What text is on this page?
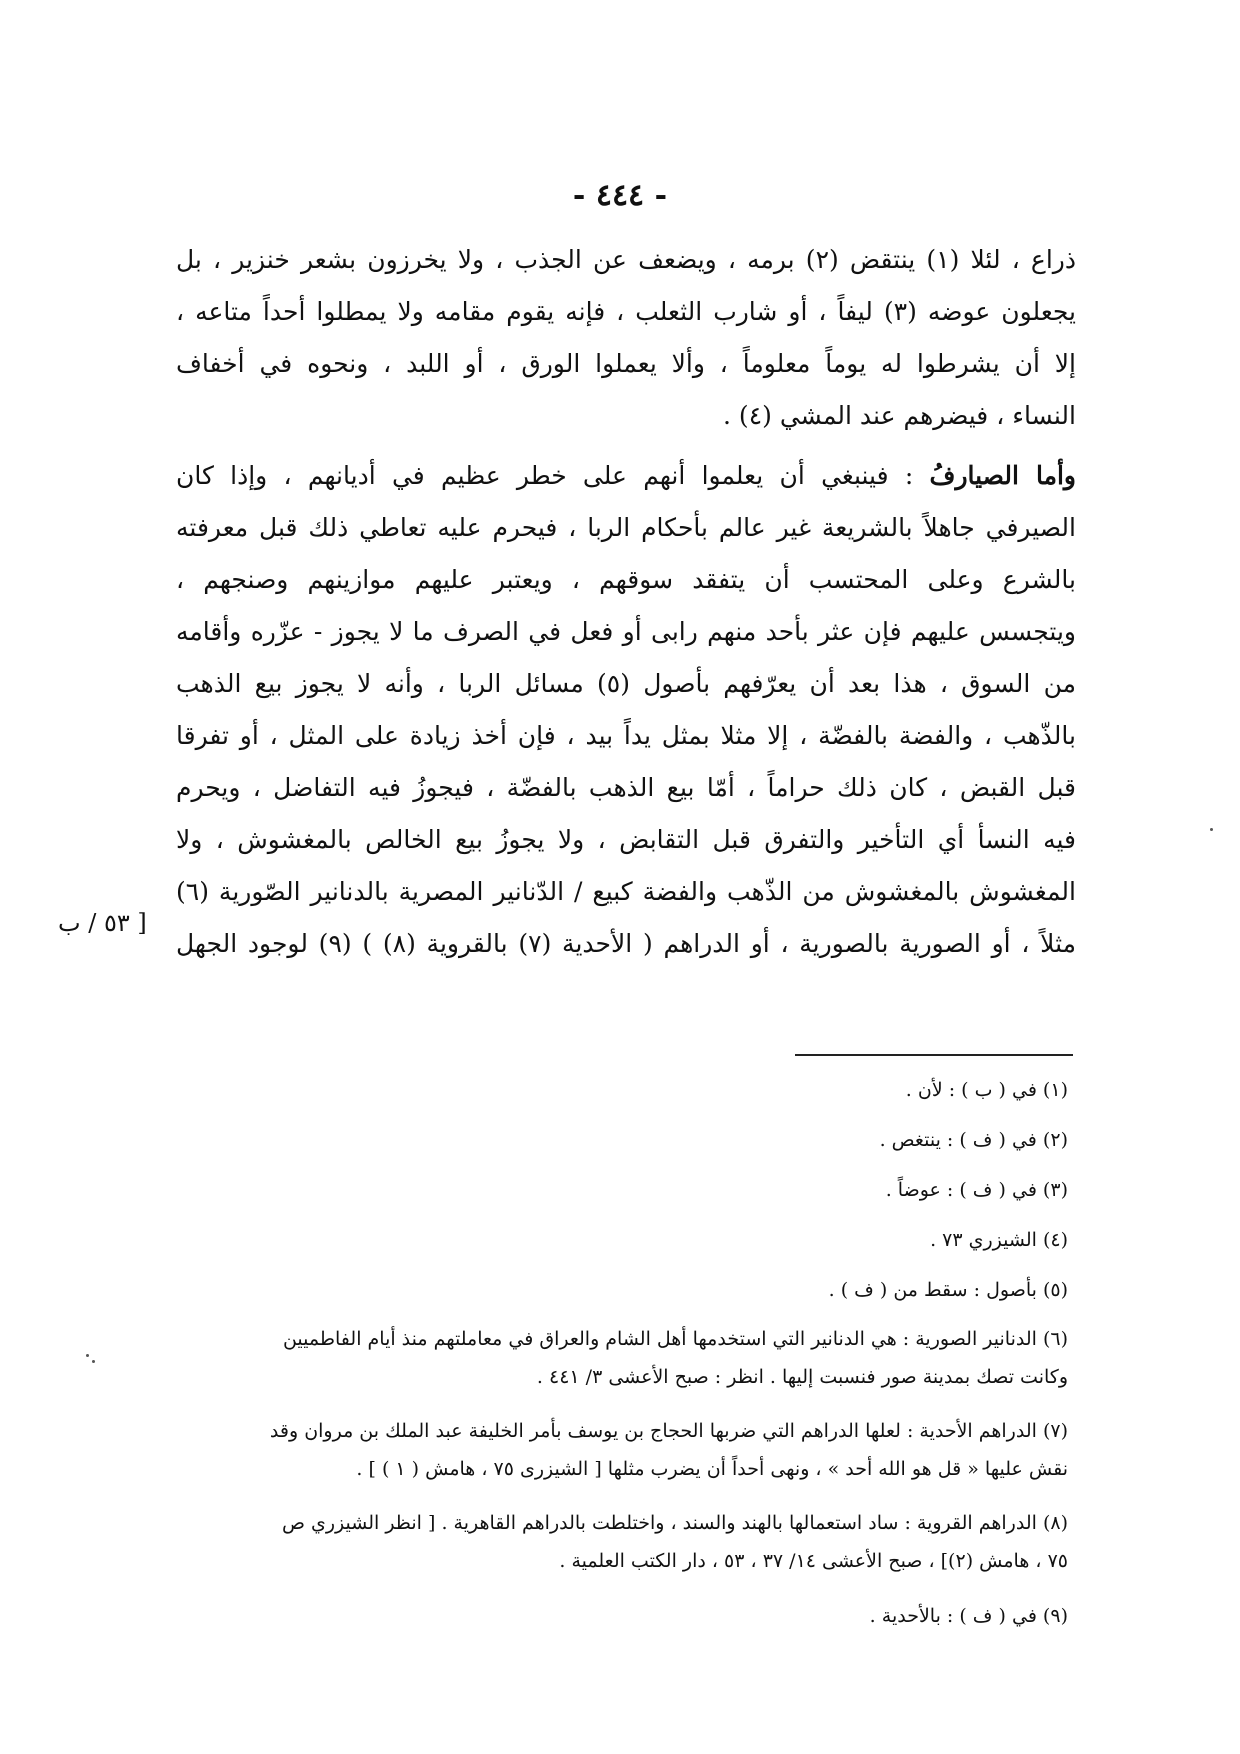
- ٤٤٤ -
ذراع ، لئلا (١) ينتقض (٢) برمه ، ويضعف عن الجذب ، ولا يخرزون بشعر خنزير ، بل
يجعلون عوضه (٣) ليفاً ، أو شارب الثعلب ، فإنه يقوم مقامه ولا يمطلوا أحداً متاعه ،
إلا أن يشرطوا له يوماً معلوماً ، وألا يعملوا الورق ، أو اللبد ، ونحوه في أخفاف
النساء ، فيضرهم عند المشي (٤) .
وأما الصيارفُ : فينبغي أن يعلموا أنهم على خطر عظيم في أديانهم ، وإذا كان
الصيرفي جاهلاً بالشريعة غير عالم بأحكام الربا ، فيحرم عليه تعاطي ذلك قبل معرفته
بالشرع وعلى المحتسب أن يتفقد سوقهم ، ويعتبر عليهم موازينهم وصنجهم ،
ويتجسس عليهم فإن عثر بأحد منهم رابى أو فعل في الصرف ما لا يجوز - عزّره وأقامه
من السوق ، هذا بعد أن يعرّفهم بأصول (٥) مسائل الربا ، وأنه لا يجوز بيع الذهب
بالذّهب ، والفضة بالفضّة ، إلا مثلا بمثل يداً بيد ، فإن أخذ زيادة على المثل ، أو تفرقا
قبل القبض ، كان ذلك حراماً ، أمّا بيع الذهب بالفضّة ، فيجوزُ فيه التفاضل ، ويحرم
فيه النسأ أي التأخير والتفرق قبل التقابض ، ولا يجوزُ بيع الخالص بالمغشوش ، ولا
المغشوش بالمغشوش من الذّهب والفضة كبيع / الدّنانير المصرية بالدنانير الصّورية (٦)
مثلاً ، أو الصورية بالصورية ، أو الدراهم ( الأحدية (٧) بالقروية (٨) ) (٩) لوجود الجهل
[ ٥٣ / ب
(١) في ( ب ) : لأن .
(٢) في ( ف ) : ينتغص .
(٣) في ( ف ) : عوضاً .
(٤) الشيزري ٧٣ .
(٥) بأصول : سقط من ( ف ) .
(٦) الدنانير الصورية : هي الدنانير التي استخدمها أهل الشام والعراق في معاملتهم منذ أيام الفاطميين
وكانت تصك بمدينة صور فنسبت إليها . انظر : صبح الأعشى ٣/ ٤٤١ .
(٧) الدراهم الأحدية : لعلها الدراهم التي ضربها الحجاج بن يوسف بأمر الخليفة عبد الملك بن مروان وقد
نقش عليها « قل هو الله أحد » ، ونهى أحداً أن يضرب مثلها [ الشيزرى ٧٥ ، هامش ( ١ ) ] .
(٨) الدراهم القروية : ساد استعمالها بالهند والسند ، واختلطت بالدراهم القاهرية . [ انظر الشيزري ص
٧٥ ، هامش (٢)] ، صبح الأعشى ١٤/ ٣٧ ، ٥٣ ، دار الكتب العلمية .
(٩) في ( ف ) : بالأحدية .
